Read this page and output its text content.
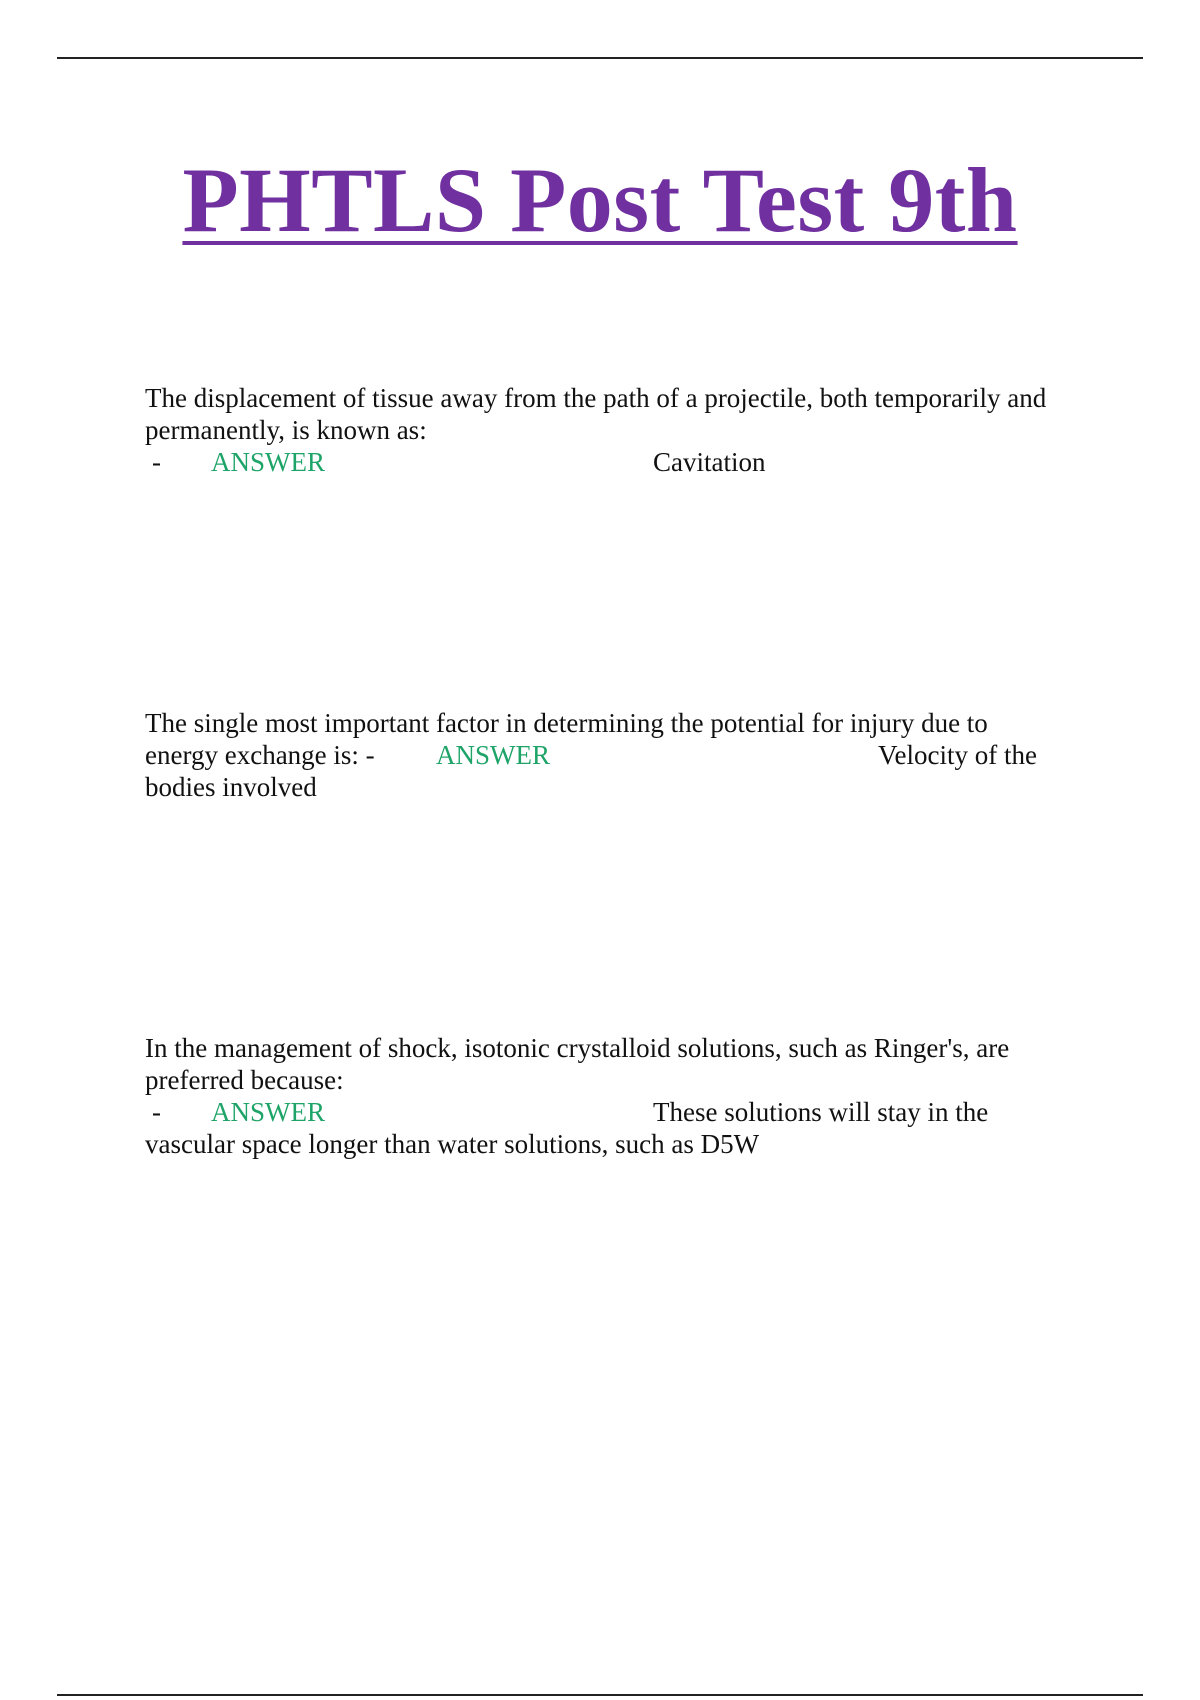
PHTLS Post Test 9th

The displacement of tissue away from the path of a projectile, both temporarily and

permanently, is known as:

- ANSWER	Cavitation

The single most important factor in determining the potential for injury due to

energy exchange is: - ANSWER	Velocity of the

bodies involved

In the management of shock, isotonic crystalloid solutions, such as Ringer's, are

preferred because:

- ANSWER	These solutions will stay in the

vascular space longer than water solutions, such as D5W
